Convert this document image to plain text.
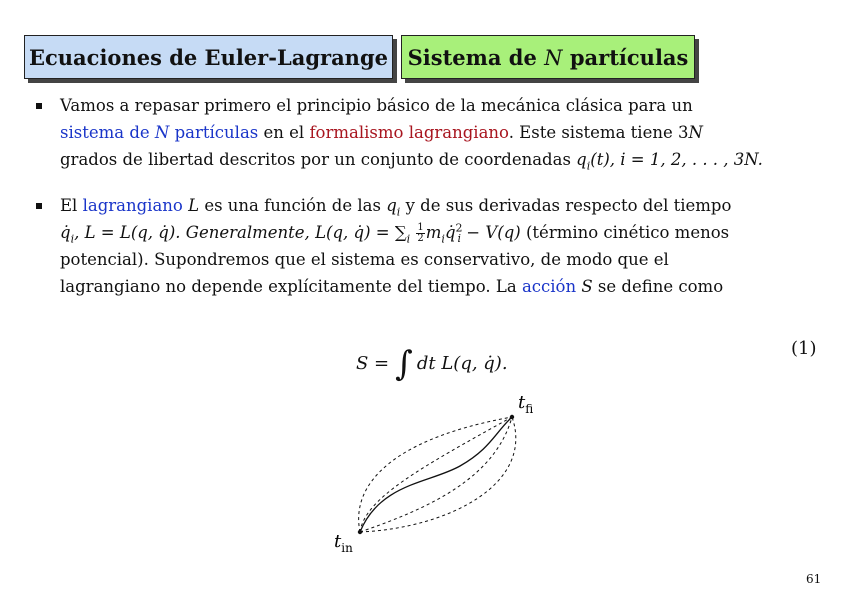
Ecuaciones de Euler-Lagrange Sistema de N partículas
Vamos a repasar primero el principio básico de la mecánica clásica para un
sistema de N partículas en el formalismo lagrangiano. Este sistema tiene 3N
grados de libertad descritos por un conjunto de coordenadas $q_i(t)$, i = 1, 2, . . . , 3N.
El lagrangiano L es una función de las $q_i$ y de sus derivadas respecto del tiempo
$q̇_i$, L = L(q, q̇). Generalmente, L(q, q̇) = $\sum_i \frac{1}{2}$ $m_iq̇^2_i - V(q)$ (término cinético menos
potencial). Supondremos que el sistema es conservativo, de modo que el
lagrangiano no depende explícitamente del tiempo. La acción S se define como
S = ∫ dt L(q, q̇).
(1)
$t_{fi}$
$t_{in}$
61
